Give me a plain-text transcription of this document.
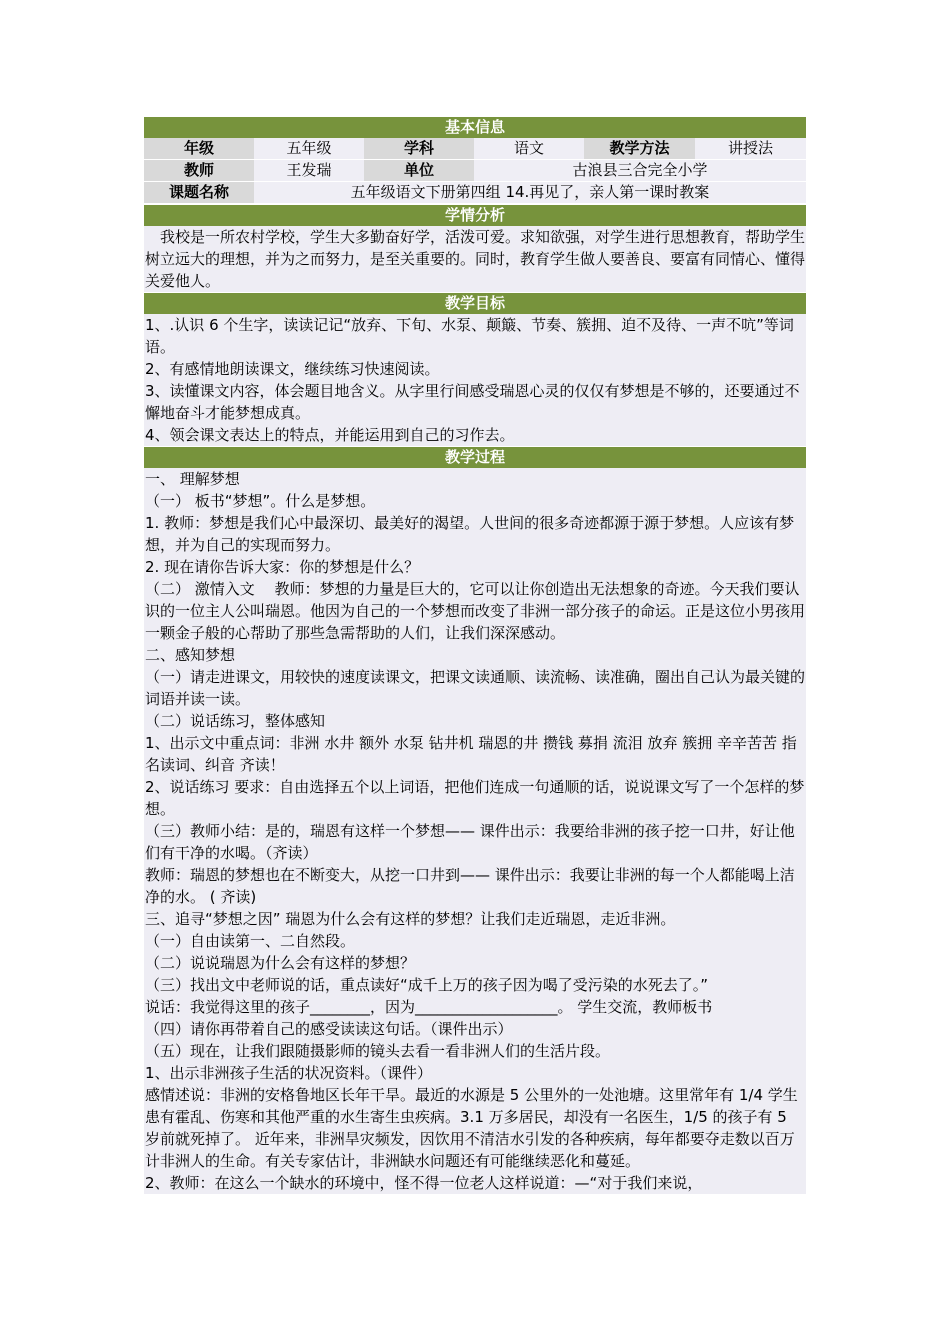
基本信息
年级	五年级	学科	语文	教学方法	讲授法
教师	王发瑞	单位	古浪县三合完全小学		
课题名称	五年级语文下册第四组 14.再见了，亲人第一课时教案				
学情分析

我校是一所农村学校，学生大多勤奋好学，活泼可爱。求知欲强，对学生进行思想教育，帮助学生树立远大的理想，并为之而努力，是至关重要的。同时，教育学生做人要善良、要富有同情心、懂得关爱他人。

教学目标

1、.认识 6 个生字，读读记记“放弃、下旬、水泵、颠簸、节奏、簇拥、迫不及待、一声不吭”等词语。

2、有感情地朗读课文，继续练习快速阅读。

3、读懂课文内容，体会题目地含义。从字里行间感受瑞恩心灵的仅仅有梦想是不够的，还要通过不懈地奋斗才能梦想成真。

4、领会课文表达上的特点，并能运用到自己的习作去。

教学过程

一、 理解梦想

（一） 板书“梦想”。什么是梦想。

1. 教师：梦想是我们心中最深切、最美好的渴望。人世间的很多奇迹都源于源于梦想。人应该有梦想，并为自己的实现而努力。

2. 现在请你告诉大家：你的梦想是什么？

（二） 激情入文　 教师：梦想的力量是巨大的，它可以让你创造出无法想象的奇迹。今天我们要认识的一位主人公叫瑞恩。他因为自己的一个梦想而改变了非洲一部分孩子的命运。正是这位小男孩用一颗金子般的心帮助了那些急需帮助的人们，让我们深深感动。

二、感知梦想

（一）请走进课文，用较快的速度读课文，把课文读通顺、读流畅、读准确，圈出自己认为最关键的词语并读一读。

（二）说话练习，整体感知

1、出示文中重点词：非洲 水井 额外 水泵 钻井机 瑞恩的井 攒钱 募捐 流泪 放弃 簇拥 辛辛苦苦 指名读词、纠音 齐读！

2、说话练习 要求：自由选择五个以上词语，把他们连成一句通顺的话，说说课文写了一个怎样的梦想。

（三）教师小结：是的，瑞恩有这样一个梦想—— 课件出示：我要给非洲的孩子挖一口井，好让他们有干净的水喝。（齐读）

教师：瑞恩的梦想也在不断变大，从挖一口井到—— 课件出示：我要让非洲的每一个人都能喝上洁净的水。 ( 齐读)

三、追寻“梦想之因” 瑞恩为什么会有这样的梦想？让我们走近瑞恩，走近非洲。

（一）自由读第一、二自然段。

（二）说说瑞恩为什么会有这样的梦想？

（三）找出文中老师说的话，重点读好“成千上万的孩子因为喝了受污染的水死去了。”

说话：我觉得这里的孩子________，因为___________________。 学生交流，教师板书

（四）请你再带着自己的感受读读这句话。（课件出示）

（五）现在，让我们跟随摄影师的镜头去看一看非洲人们的生活片段。

1、出示非洲孩子生活的状况资料。（课件）

感情述说：非洲的安格鲁地区长年干旱。最近的水源是 5 公里外的一处池塘。这里常年有 1/4 学生患有霍乱、伤寒和其他严重的水生寄生虫疾病。3.1 万多居民，却没有一名医生，1/5 的孩子有 5 岁前就死掉了。 近年来，非洲旱灾频发，因饮用不清洁水引发的各种疾病，每年都要夺走数以百万计非洲人的生命。有关专家估计，非洲缺水问题还有可能继续恶化和蔓延。

2、教师：在这么一个缺水的环境中，怪不得一位老人这样说道：—“对于我们来说，
